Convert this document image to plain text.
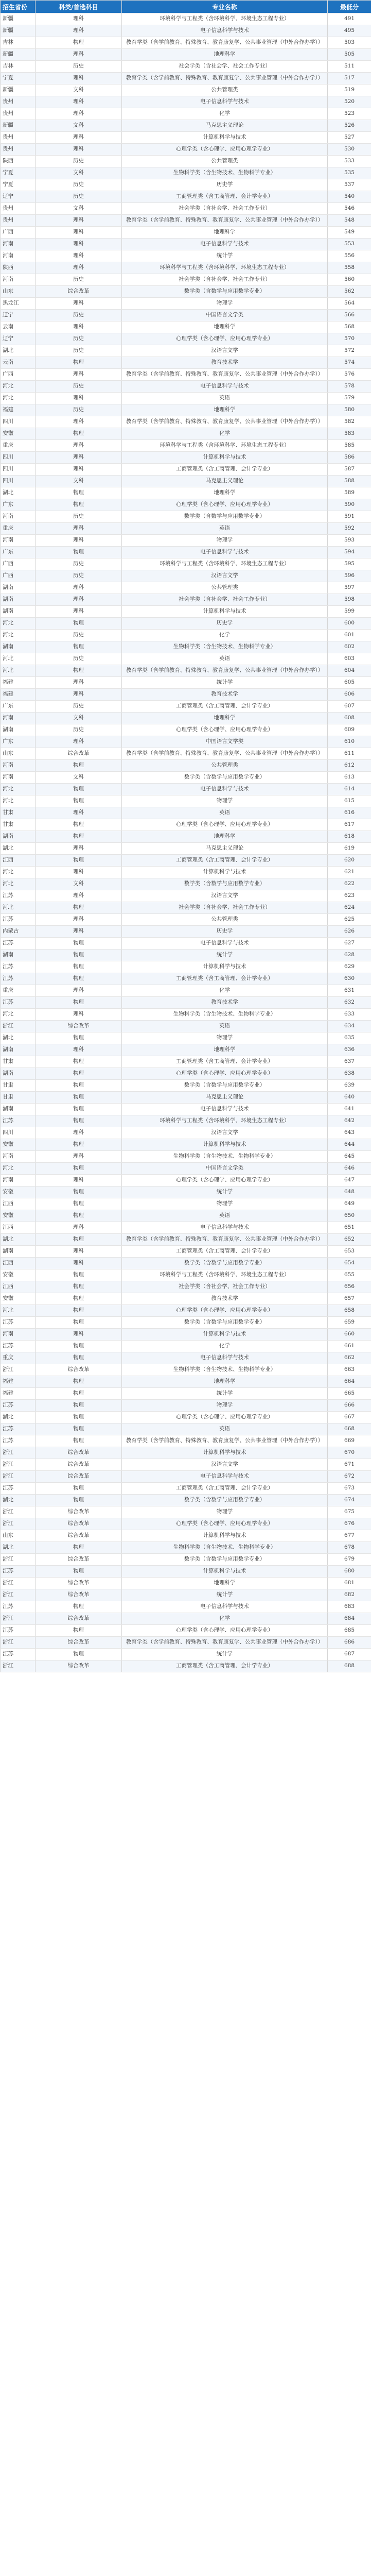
招生省份	科类/首选科目	专业名称	最低分
新疆	理科	环境科学与工程类（含环境科学、环境生态工程专业）	491
新疆	理科	电子信息科学与技术	495
吉林	物理	教育学类（含学前教育、特殊教育、教育康复学、公共事业管理（中外合作办学））	503
新疆	理科	地理科学	505
吉林	历史	社会学类（含社会学、社会工作专业）	511
宁夏	理科	教育学类（含学前教育、特殊教育、教育康复学、公共事业管理（中外合作办学））	517
新疆	文科	公共管理类	519
贵州	理科	电子信息科学与技术	520
贵州	理科	化学	523
新疆	文科	马克思主义理论	526
贵州	理科	计算机科学与技术	527
贵州	理科	心理学类（含心理学、应用心理学专业）	530
陕西	历史	公共管理类	533
宁夏	文科	生物科学类（含生物技术、生物科学专业）	535
宁夏	历史	历史学	537
辽宁	历史	工商管理类（含工商管理、会计学专业）	540
贵州	文科	社会学类（含社会学、社会工作专业）	546
贵州	理科	教育学类（含学前教育、特殊教育、教育康复学、公共事业管理（中外合作办学））	548
广西	理科	地理科学	549
河南	理科	电子信息科学与技术	553
河南	理科	统计学	556
陕西	理科	环境科学与工程类（含环境科学、环境生态工程专业）	558
河南	历史	社会学类（含社会学、社会工作专业）	560
山东	综合改革	数学类（含数学与应用数学专业）	562
黑龙江	理科	物理学	564
辽宁	历史	中国语言文学类	566
云南	理科	地理科学	568
辽宁	历史	心理学类（含心理学、应用心理学专业）	570
湖北	历史	汉语言文学	572
云南	物理	教育技术学	574
广西	理科	教育学类（含学前教育、特殊教育、教育康复学、公共事业管理（中外合作办学））	576
河北	历史	电子信息科学与技术	578
河北	理科	英语	579
福建	历史	地理科学	580
四川	理科	教育学类（含学前教育、特殊教育、教育康复学、公共事业管理（中外合作办学））	582
安徽	物理	化学	583
重庆	理科	环境科学与工程类（含环境科学、环境生态工程专业）	585
四川	理科	计算机科学与技术	586
四川	理科	工商管理类（含工商管理、会计学专业）	587
四川	文科	马克思主义理论	588
湖北	物理	地理科学	589
广东	物理	心理学类（含心理学、应用心理学专业）	590
河南	历史	数学类（含数学与应用数学专业）	591
重庆	理科	英语	592
河南	理科	物理学	593
广东	物理	电子信息科学与技术	594
广西	历史	环境科学与工程类（含环境科学、环境生态工程专业）	595
广西	历史	汉语言文学	596
湖南	理科	公共管理类	597
湖南	理科	社会学类（含社会学、社会工作专业）	598
湖南	理科	计算机科学与技术	599
河北	物理	历史学	600
河北	历史	化学	601
湖南	物理	生物科学类（含生物技术、生物科学专业）	602
河北	历史	英语	603
河北	物理	教育学类（含学前教育、特殊教育、教育康复学、公共事业管理（中外合作办学））	604
福建	理科	统计学	605
福建	理科	教育技术学	606
广东	历史	工商管理类（含工商管理、会计学专业）	607
河南	文科	地理科学	608
湖南	历史	心理学类（含心理学、应用心理学专业）	609
广东	理科	中国语言文学类	610
山东	综合改革	教育学类（含学前教育、特殊教育、教育康复学、公共事业管理（中外合作办学））	611
河南	物理	公共管理类	612
河南	文科	数学类（含数学与应用数学专业）	613
河北	物理	电子信息科学与技术	614
河北	物理	物理学	615
甘肃	理科	英语	616
甘肃	物理	心理学类（含心理学、应用心理学专业）	617
湖南	物理	地理科学	618
湖北	理科	马克思主义理论	619
江西	物理	工商管理类（含工商管理、会计学专业）	620
河北	理科	计算机科学与技术	621
河北	文科	数学类（含数学与应用数学专业）	622
江苏	理科	汉语言文学	623
河北	物理	社会学类（含社会学、社会工作专业）	624
江苏	理科	公共管理类	625
内蒙古	理科	历史学	626
江苏	物理	电子信息科学与技术	627
湖南	物理	统计学	628
江苏	物理	计算机科学与技术	629
江苏	物理	工商管理类（含工商管理、会计学专业）	630
重庆	理科	化学	631
江苏	物理	教育技术学	632
河北	理科	生物科学类（含生物技术、生物科学专业）	633
浙江	综合改革	英语	634
湖北	物理	物理学	635
湖南	理科	地理科学	636
甘肃	物理	工商管理类（含工商管理、会计学专业）	637
湖南	物理	心理学类（含心理学、应用心理学专业）	638
甘肃	物理	数学类（含数学与应用数学专业）	639
甘肃	物理	马克思主义理论	640
湖南	物理	电子信息科学与技术	641
江苏	物理	环境科学与工程类（含环境科学、环境生态工程专业）	642
四川	理科	汉语言文学	643
安徽	物理	计算机科学与技术	644
河南	理科	生物科学类（含生物技术、生物科学专业）	645
河北	物理	中国语言文学类	646
河南	理科	心理学类（含心理学、应用心理学专业）	647
安徽	物理	统计学	648
江西	物理	物理学	649
安徽	物理	英语	650
江西	理科	电子信息科学与技术	651
湖北	物理	教育学类（含学前教育、特殊教育、教育康复学、公共事业管理（中外合作办学））	652
湖南	理科	工商管理类（含工商管理、会计学专业）	653
江西	理科	数学类（含数学与应用数学专业）	654
安徽	物理	环境科学与工程类（含环境科学、环境生态工程专业）	655
江西	物理	社会学类（含社会学、社会工作专业）	656
安徽	物理	教育技术学	657
河北	物理	心理学类（含心理学、应用心理学专业）	658
江苏	物理	数学类（含数学与应用数学专业）	659
河南	理科	计算机科学与技术	660
江苏	物理	化学	661
重庆	物理	电子信息科学与技术	662
浙江	综合改革	生物科学类（含生物技术、生物科学专业）	663
福建	物理	地理科学	664
福建	物理	统计学	665
江苏	物理	物理学	666
湖北	物理	心理学类（含心理学、应用心理学专业）	667
江苏	物理	英语	668
江苏	物理	教育学类（含学前教育、特殊教育、教育康复学、公共事业管理（中外合作办学））	669
浙江	综合改革	计算机科学与技术	670
浙江	综合改革	汉语言文学	671
浙江	综合改革	电子信息科学与技术	672
江苏	物理	工商管理类（含工商管理、会计学专业）	673
湖北	物理	数学类（含数学与应用数学专业）	674
浙江	综合改革	物理学	675
浙江	综合改革	心理学类（含心理学、应用心理学专业）	676
山东	综合改革	计算机科学与技术	677
湖北	物理	生物科学类（含生物技术、生物科学专业）	678
浙江	综合改革	数学类（含数学与应用数学专业）	679
江苏	物理	计算机科学与技术	680
浙江	综合改革	地理科学	681
浙江	综合改革	统计学	682
江苏	物理	电子信息科学与技术	683
浙江	综合改革	化学	684
江苏	物理	心理学类（含心理学、应用心理学专业）	685
浙江	综合改革	教育学类（含学前教育、特殊教育、教育康复学、公共事业管理（中外合作办学））	686
江苏	物理	统计学	687
浙江	综合改革	工商管理类（含工商管理、会计学专业）	688
